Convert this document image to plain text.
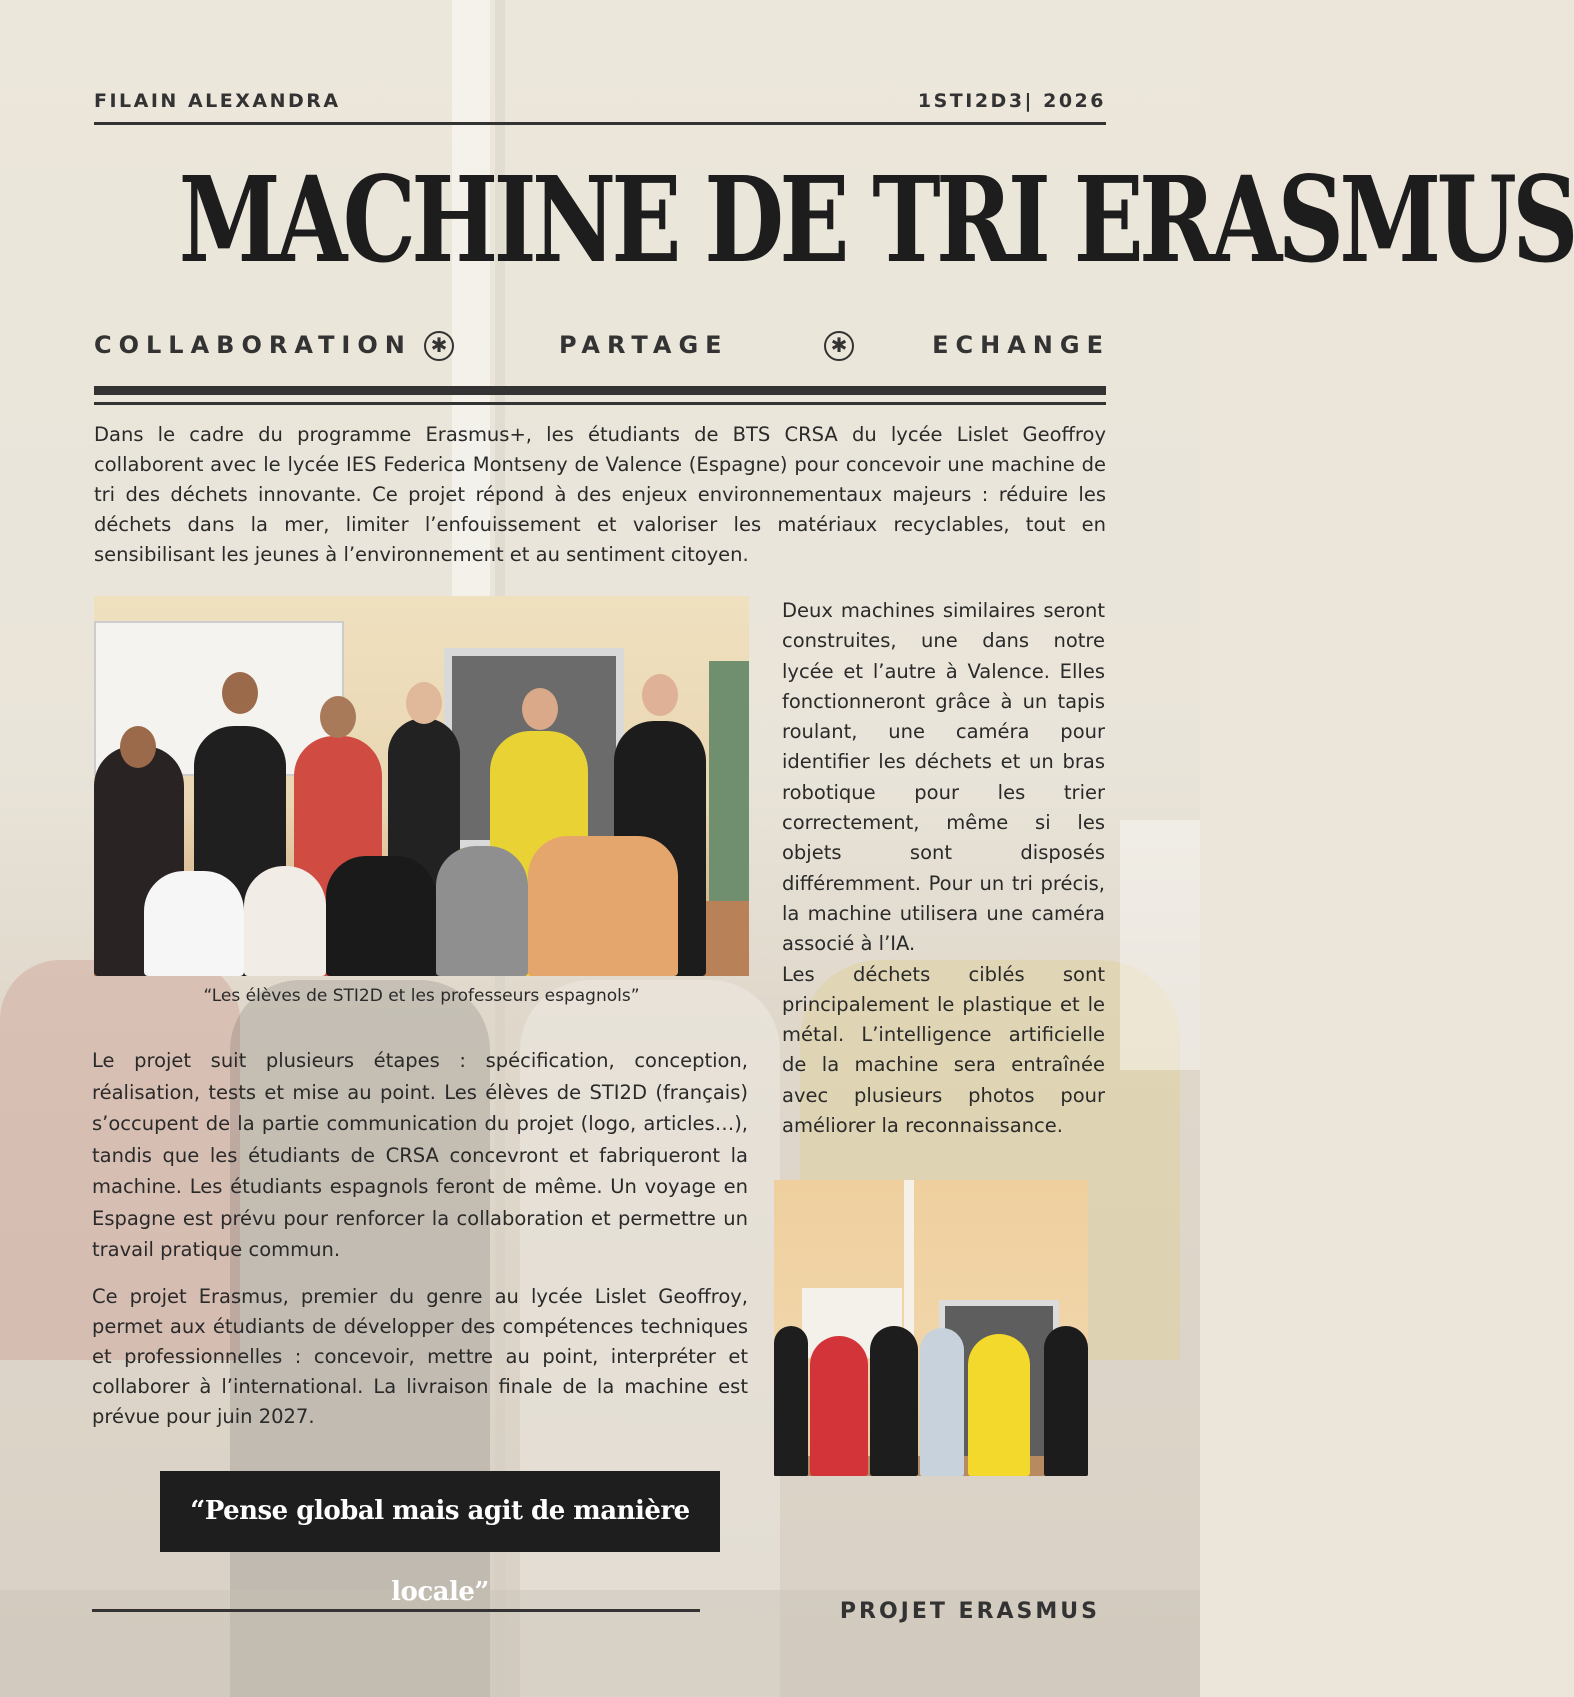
FILAIN ALEXANDRA	1STI2D3| 2026
MACHINE DE TRI ERASMUS
COLLABORATION ✱	PARTAGE	✱	ECHANGE

Dans le cadre du programme Erasmus+, les étudiants de BTS CRSA du lycée Lislet Geoffroy collaborent avec le lycée IES Federica Montseny de Valence (Espagne) pour concevoir une machine de tri des déchets innovante. Ce projet répond à des enjeux environnementaux majeurs : réduire les déchets dans la mer, limiter l’enfouissement et valoriser les matériaux recyclables, tout en sensibilisant les jeunes à l’environnement et au sentiment citoyen.

“Les élèves de STI2D et les professeurs espagnols”

Deux machines similaires seront construites, une dans notre lycée et l’autre à Valence. Elles fonctionneront grâce à un tapis roulant, une caméra pour identifier les déchets et un bras robotique pour les trier correctement, même si les objets sont disposés différemment. Pour un tri précis, la machine utilisera une caméra associé à l’IA.

Les déchets ciblés sont principalement le plastique et le métal. L’intelligence artificielle de la machine sera entraînée avec plusieurs photos pour améliorer la reconnaissance.

Le projet suit plusieurs étapes : spécification, conception, réalisation, tests et mise au point. Les élèves de STI2D (français) s’occupent de la partie communication du projet (logo, articles…), tandis que les étudiants de CRSA concevront et fabriqueront la machine. Les étudiants espagnols feront de même. Un voyage en Espagne est prévu pour renforcer la collaboration et permettre un travail pratique commun.

Ce projet Erasmus, premier du genre au lycée Lislet Geoffroy, permet aux étudiants de développer des compétences techniques et professionnelles : concevoir, mettre au point, interpréter et collaborer à l’international. La livraison finale de la machine est prévue pour juin 2027.

“Pense global mais agit de manière locale”
PROJET ERASMUS
